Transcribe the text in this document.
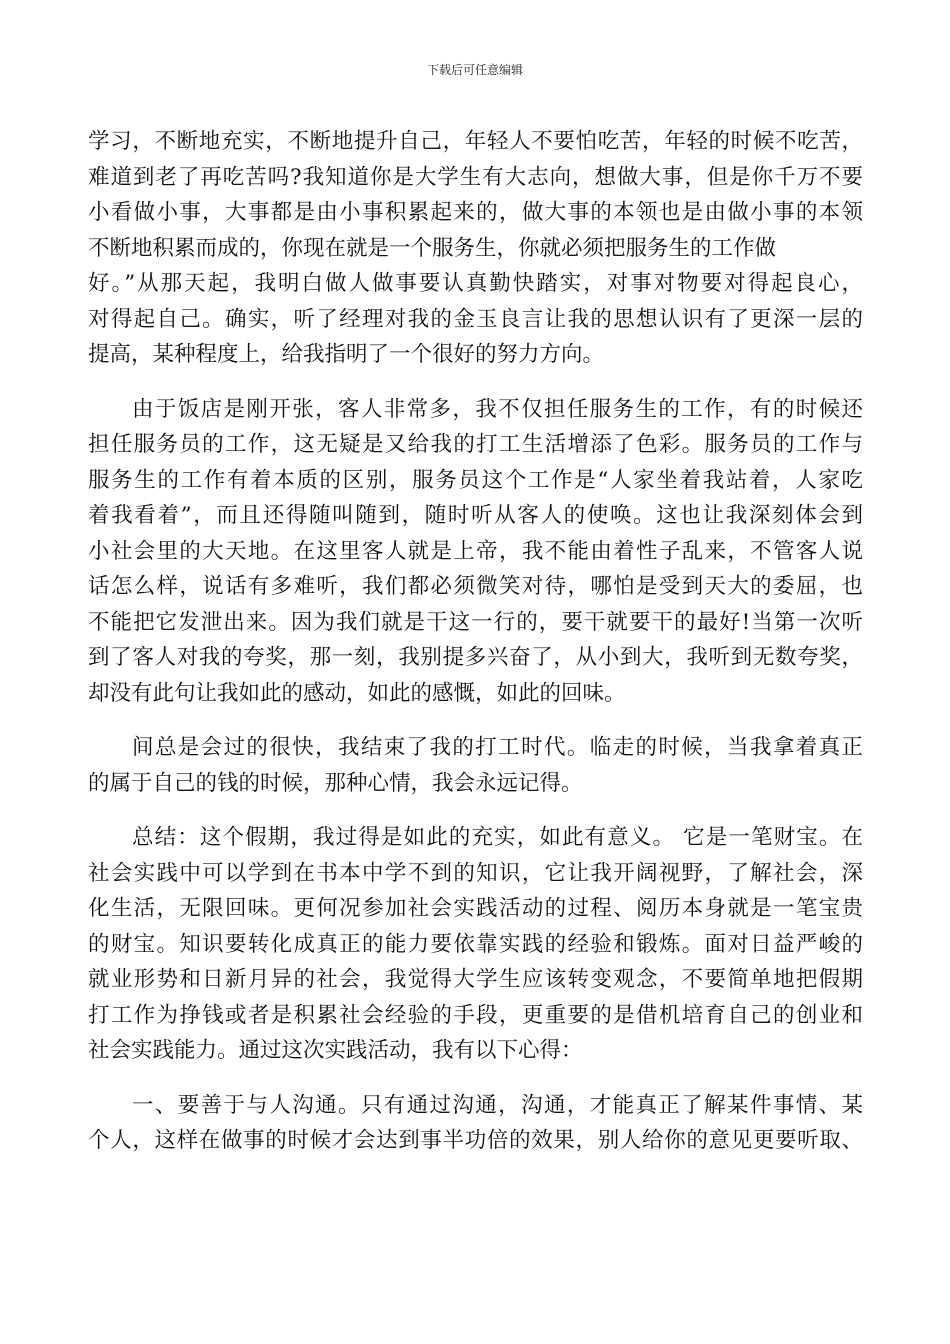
下载后可任意编辑
学习，不断地充实，不断地提升自己，年轻人不要怕吃苦，年轻的时候不吃苦，
难道到老了再吃苦吗?我知道你是大学生有大志向，想做大事，但是你千万不要
小看做小事，大事都是由小事积累起来的，做大事的本领也是由做小事的本领
不断地积累而成的，你现在就是一个服务生，你就必须把服务生的工作做
好。”从那天起，我明白做人做事要认真勤快踏实，对事对物要对得起良心，
对得起自己。确实，听了经理对我的金玉良言让我的思想认识有了更深一层的
提高，某种程度上，给我指明了一个很好的努力方向。
由于饭店是刚开张，客人非常多，我不仅担任服务生的工作，有的时候还
担任服务员的工作，这无疑是又给我的打工生活增添了色彩。服务员的工作与
服务生的工作有着本质的区别，服务员这个工作是“人家坐着我站着，人家吃
着我看着”，而且还得随叫随到，随时听从客人的使唤。这也让我深刻体会到
小社会里的大天地。在这里客人就是上帝，我不能由着性子乱来，不管客人说
话怎么样，说话有多难听，我们都必须微笑对待，哪怕是受到天大的委屈，也
不能把它发泄出来。因为我们就是干这一行的，要干就要干的最好!当第一次听
到了客人对我的夸奖，那一刻，我别提多兴奋了，从小到大，我听到无数夸奖，
却没有此句让我如此的感动，如此的感慨，如此的回味。
间总是会过的很快，我结束了我的打工时代。临走的时候，当我拿着真正
的属于自己的钱的时候，那种心情，我会永远记得。
总结：这个假期，我过得是如此的充实，如此有意义。 它是一笔财宝。在
社会实践中可以学到在书本中学不到的知识，它让我开阔视野，了解社会，深
化生活，无限回味。更何况参加社会实践活动的过程、阅历本身就是一笔宝贵
的财宝。知识要转化成真正的能力要依靠实践的经验和锻炼。面对日益严峻的
就业形势和日新月异的社会，我觉得大学生应该转变观念，不要简单地把假期
打工作为挣钱或者是积累社会经验的手段，更重要的是借机培育自己的创业和
社会实践能力。通过这次实践活动，我有以下心得：
一、要善于与人沟通。只有通过沟通，沟通，才能真正了解某件事情、某
个人，这样在做事的时候才会达到事半功倍的效果，别人给你的意见更要听取、
